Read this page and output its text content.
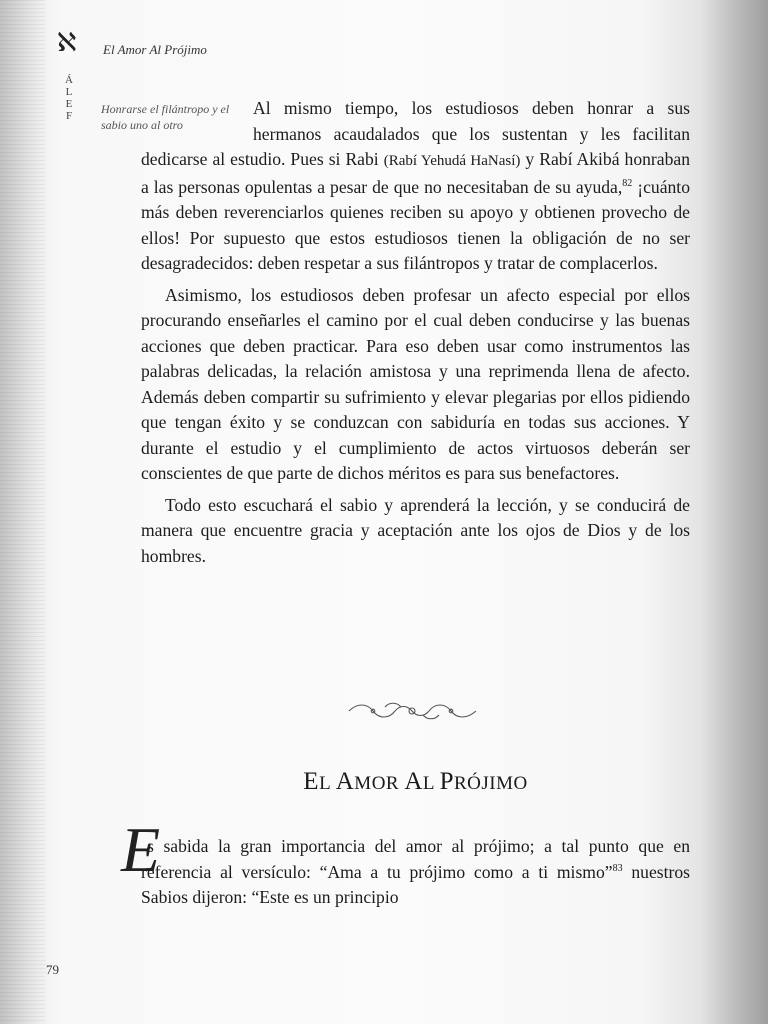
ℵ El Amor Al Prójimo
Á
L
E
F Honrarse el filántropo y el sabio uno al otro

Al mismo tiempo, los estudiosos deben honrar a sus hermanos acaudalados que los sustentan y les facilitan dedicarse al estudio. Pues si Rabi (Rabí Yehudá HaNasí) y Rabí Akibá honraban a las personas opulentas a pesar de que no necesitaban de su ayuda,$^{82}$ ¡cuánto más deben reverenciarlos quienes reciben su apoyo y obtienen provecho de ellos! Por supuesto que estos estudiosos tienen la obligación de no ser desagradecidos: deben respetar a sus filántropos y tratar de complacerlos.

Asimismo, los estudiosos deben profesar un afecto especial por ellos procurando enseñarles el camino por el cual deben conducirse y las buenas acciones que deben practicar. Para eso deben usar como instrumentos las palabras delicadas, la relación amistosa y una reprimenda llena de afecto. Además deben compartir su sufrimiento y elevar plegarias por ellos pidiendo que tengan éxito y se conduzcan con sabiduría en todas sus acciones. Y durante el estudio y el cumplimiento de actos virtuosos deberán ser conscientes de que parte de dichos méritos es para sus benefactores.

Todo esto escuchará el sabio y aprenderá la lección, y se conducirá de manera que encuentre gracia y aceptación ante los ojos de Dios y de los hombres.

EL AMOR AL PRÓJIMO
E

s sabida la gran importancia del amor al prójimo; a tal punto que en referencia al versículo: “Ama a tu prójimo como a ti mismo”$^{83}$ nuestros Sabios dijeron: “Este es un principio

79
